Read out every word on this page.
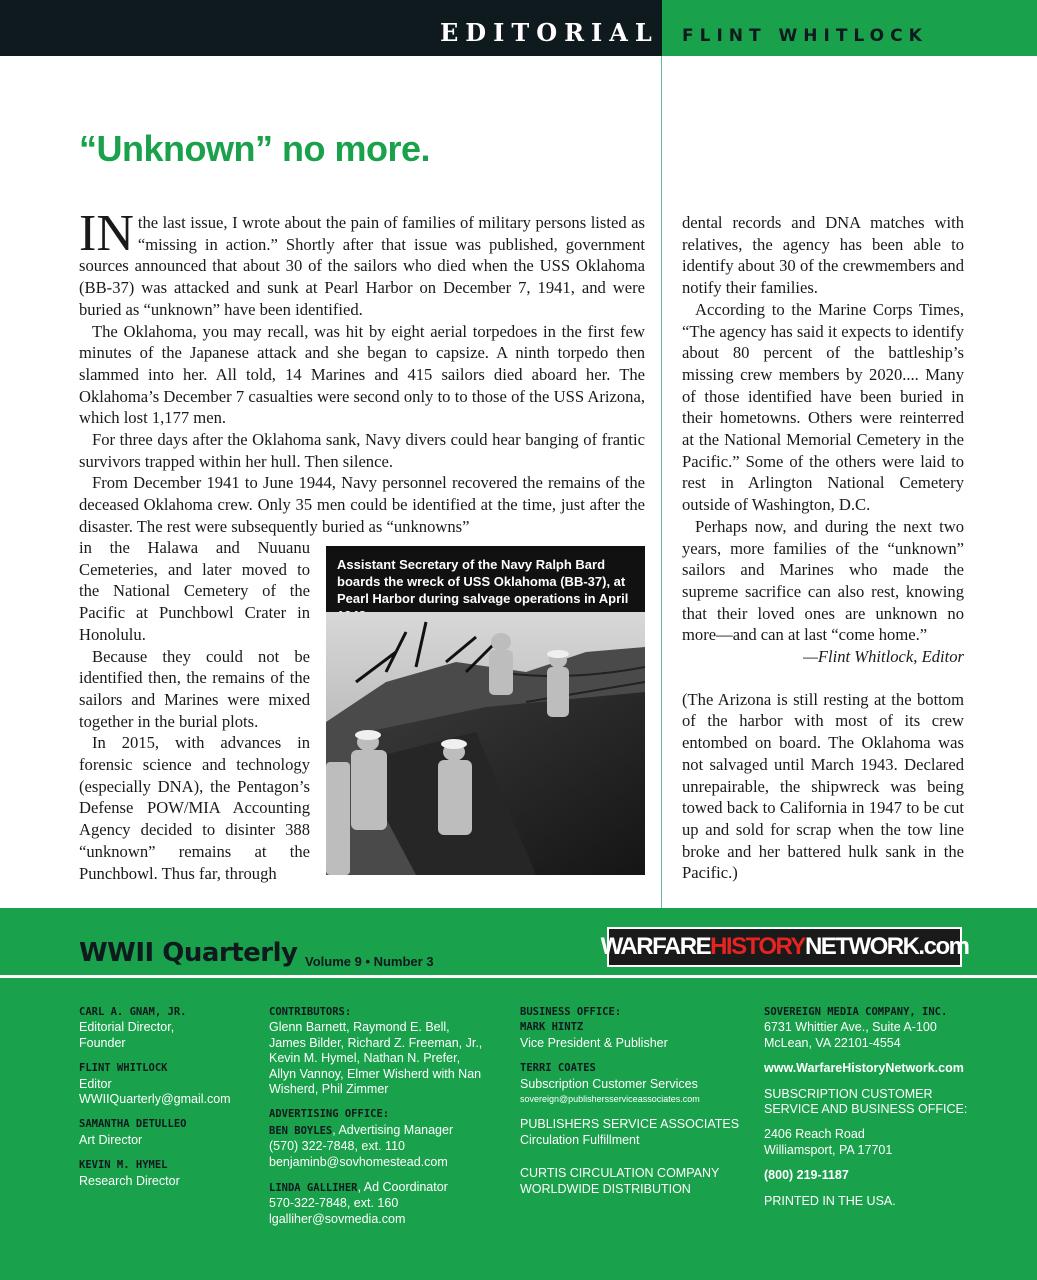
EDITORIAL FLINT WHITLOCK
“Unknown” no more.

IN the last issue, I wrote about the pain of families of military persons listed as “missing in action.” Shortly after that issue was published, government sources announced that about 30 of the sailors who died when the USS Oklahoma (BB-37) was attacked and sunk at Pearl Harbor on December 7, 1941, and were buried as “unknown” have been identified.

The Oklahoma, you may recall, was hit by eight aerial torpedoes in the first few minutes of the Japanese attack and she began to capsize. A ninth torpedo then slammed into her. All told, 14 Marines and 415 sailors died aboard her. The Oklahoma’s December 7 casualties were second only to to those of the USS Arizona, which lost 1,177 men.

For three days after the Oklahoma sank, Navy divers could hear banging of frantic survivors trapped within her hull. Then silence.

From December 1941 to June 1944, Navy personnel recovered the remains of the deceased Oklahoma crew. Only 35 men could be identified at the time, just after the disaster. The rest were subsequently buried as “unknowns”

in the Halawa and Nuuanu Cemeteries, and later moved to the National Cemetery of the Pacific at Punchbowl Crater in Honolulu.

Because they could not be identified then, the remains of the sailors and Marines were mixed together in the burial plots.

In 2015, with advances in forensic science and technology (especially DNA), the Pentagon’s Defense POW/MIA Accounting Agency decided to disinter 388 “unknown” remains at the Punchbowl. Thus far, through

Assistant Secretary of the Navy Ralph Bard boards the wreck of USS Oklahoma (BB-37), at Pearl Harbor during salvage operations in April

dental records and DNA matches with relatives, the agency has been able to identify about 30 of the crewmembers and notify their families.

According to the Marine Corps Times, “The agency has said it expects to identify about 80 percent of the battleship’s missing crew members by 2020.... Many of those identified have been buried in their hometowns. Others were reinterred at the National Memorial Cemetery in the Pacific.” Some of the others were laid to rest in Arlington National Cemetery outside of Washington, D.C.

Perhaps now, and during the next two years, more families of the “unknown” sailors and Marines who made the supreme sacrifice can also rest, knowing that their loved ones are unknown no more—and can at last “come home.”

—Flint Whitlock, Editor

(The Arizona is still resting at the bottom of the harbor with most of its crew entombed on board. The Oklahoma was not salvaged until March 1943. Declared unrepairable, the shipwreck was being towed back to California in 1947 to be cut up and sold for scrap when the tow line broke and her battered hulk sank in the Pacific.)

WWII Quarterly Volume 9 • Number 3
WARFARE HISTORY NETWORK.com
CARL A. GNAM, JR.
Editorial Director,
Founder
FLINT WHITLOCK
Editor
WWIIQuarterly@gmail.com
SAMANTHA DETULLEO
Art Director
KEVIN M. HYMEL
Research Director
CONTRIBUTORS:
Glenn Barnett, Raymond E. Bell, James Bilder, Richard Z. Freeman, Jr., Kevin M. Hymel, Nathan N. Prefer, Allyn Vannoy, Elmer Wisherd with Nan Wisherd, Phil Zimmer
ADVERTISING OFFICE:
BEN BOYLES, Advertising Manager
(570) 322-7848, ext. 110
benjaminb@sovhomestead.com
LINDA GALLIHER, Ad Coordinator
570-322-7848, ext. 160
lgalliher@sovmedia.com
BUSINESS OFFICE:
MARK HINTZ
Vice President & Publisher
TERRI COATES
Subscription Customer Services
sovereign@publishersserviceassociates.com
PUBLISHERS SERVICE ASSOCIATES
Circulation Fulfillment
CURTIS CIRCULATION COMPANY
WORLDWIDE DISTRIBUTION
SOVEREIGN MEDIA COMPANY, INC.
6731 Whittier Ave., Suite A-100
McLean, VA 22101-4554
www.WarfareHistoryNetwork.com
SUBSCRIPTION CUSTOMER
SERVICE AND BUSINESS OFFICE:
2406 Reach Road
Williamsport, PA 17701
(800) 219-1187
PRINTED IN THE USA.
